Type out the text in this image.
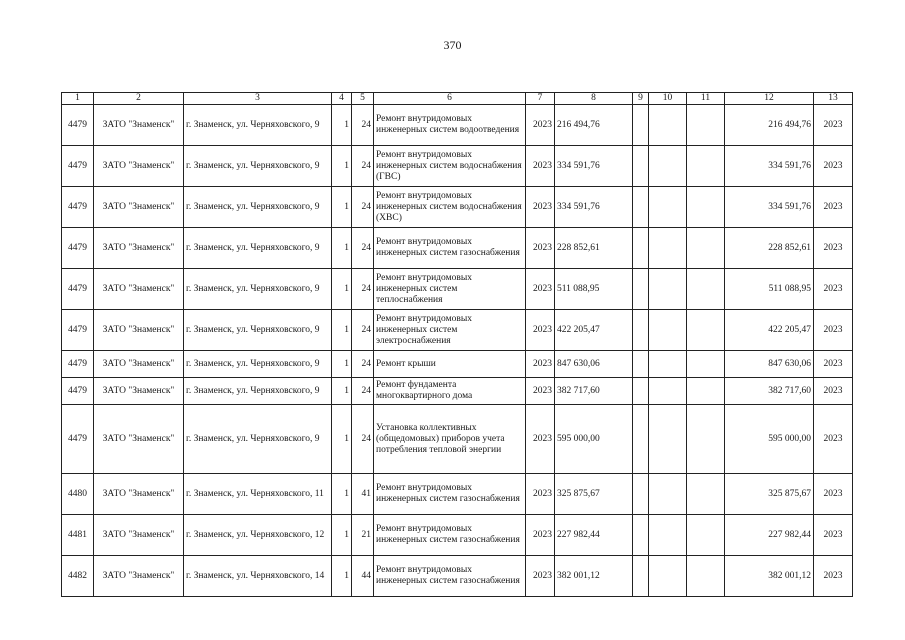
370
1	2	3	4	5	6	7	8	9	10	11	12	13
4479	ЗАТО "Знаменск"	г. Знаменск, ул. Черняховского, 9	1	24	Ремонт внутридомовых инженерных систем водоотведения	2023	216 494,76				216 494,76	2023
4479	ЗАТО "Знаменск"	г. Знаменск, ул. Черняховского, 9	1	24	Ремонт внутридомовых инженерных систем водоснабжения (ГВС)	2023	334 591,76				334 591,76	2023
4479	ЗАТО "Знаменск"	г. Знаменск, ул. Черняховского, 9	1	24	Ремонт внутридомовых инженерных систем водоснабжения (ХВС)	2023	334 591,76				334 591,76	2023
4479	ЗАТО "Знаменск"	г. Знаменск, ул. Черняховского, 9	1	24	Ремонт внутридомовых инженерных систем газоснабжения	2023	228 852,61				228 852,61	2023
4479	ЗАТО "Знаменск"	г. Знаменск, ул. Черняховского, 9	1	24	Ремонт внутридомовых инженерных систем теплоснабжения	2023	511 088,95				511 088,95	2023
4479	ЗАТО "Знаменск"	г. Знаменск, ул. Черняховского, 9	1	24	Ремонт внутридомовых инженерных систем электроснабжения	2023	422 205,47				422 205,47	2023
4479	ЗАТО "Знаменск"	г. Знаменск, ул. Черняховского, 9	1	24	Ремонт крыши	2023	847 630,06				847 630,06	2023
4479	ЗАТО "Знаменск"	г. Знаменск, ул. Черняховского, 9	1	24	Ремонт фундамента многоквартирного дома	2023	382 717,60				382 717,60	2023
4479	ЗАТО "Знаменск"	г. Знаменск, ул. Черняховского, 9	1	24	Установка коллективных (общедомовых) приборов учета потребления тепловой энергии	2023	595 000,00				595 000,00	2023
4480	ЗАТО "Знаменск"	г. Знаменск, ул. Черняховского, 11	1	41	Ремонт внутридомовых инженерных систем газоснабжения	2023	325 875,67				325 875,67	2023
4481	ЗАТО "Знаменск"	г. Знаменск, ул. Черняховского, 12	1	21	Ремонт внутридомовых инженерных систем газоснабжения	2023	227 982,44				227 982,44	2023
4482	ЗАТО "Знаменск"	г. Знаменск, ул. Черняховского, 14	1	44	Ремонт внутридомовых инженерных систем газоснабжения	2023	382 001,12				382 001,12	2023
